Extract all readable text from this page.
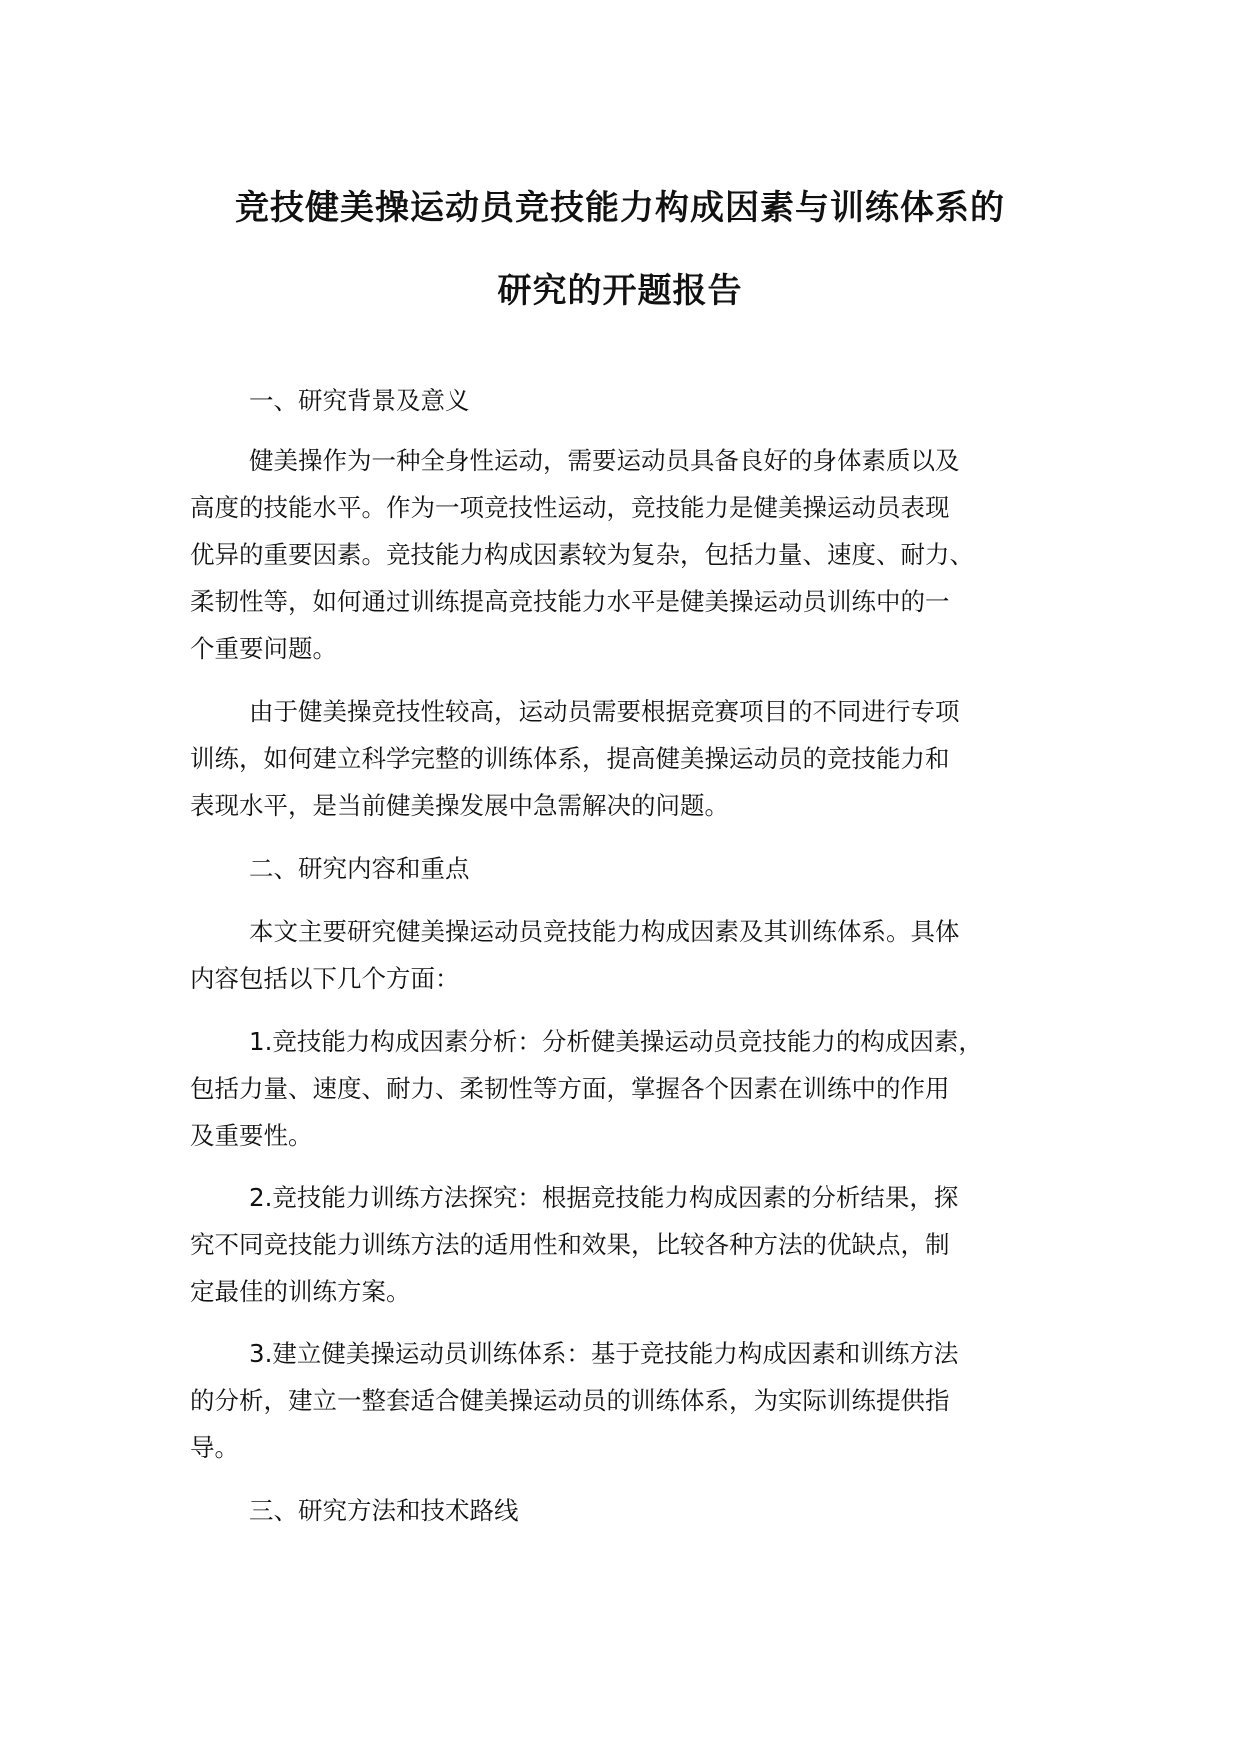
竞技健美操运动员竞技能力构成因素与训练体系的
研究的开题报告
一、研究背景及意义
健美操作为一种全身性运动，需要运动员具备良好的身体素质以及
高度的技能水平。作为一项竞技性运动，竞技能力是健美操运动员表现
优异的重要因素。竞技能力构成因素较为复杂，包括力量、速度、耐力、
柔韧性等，如何通过训练提高竞技能力水平是健美操运动员训练中的一
个重要问题。
由于健美操竞技性较高，运动员需要根据竞赛项目的不同进行专项
训练，如何建立科学完整的训练体系，提高健美操运动员的竞技能力和
表现水平，是当前健美操发展中急需解决的问题。
二、研究内容和重点
本文主要研究健美操运动员竞技能力构成因素及其训练体系。具体
内容包括以下几个方面：
1.竞技能力构成因素分析：分析健美操运动员竞技能力的构成因素，
包括力量、速度、耐力、柔韧性等方面，掌握各个因素在训练中的作用
及重要性。
2.竞技能力训练方法探究：根据竞技能力构成因素的分析结果，探
究不同竞技能力训练方法的适用性和效果，比较各种方法的优缺点，制
定最佳的训练方案。
3.建立健美操运动员训练体系：基于竞技能力构成因素和训练方法
的分析，建立一整套适合健美操运动员的训练体系，为实际训练提供指
导。
三、研究方法和技术路线
